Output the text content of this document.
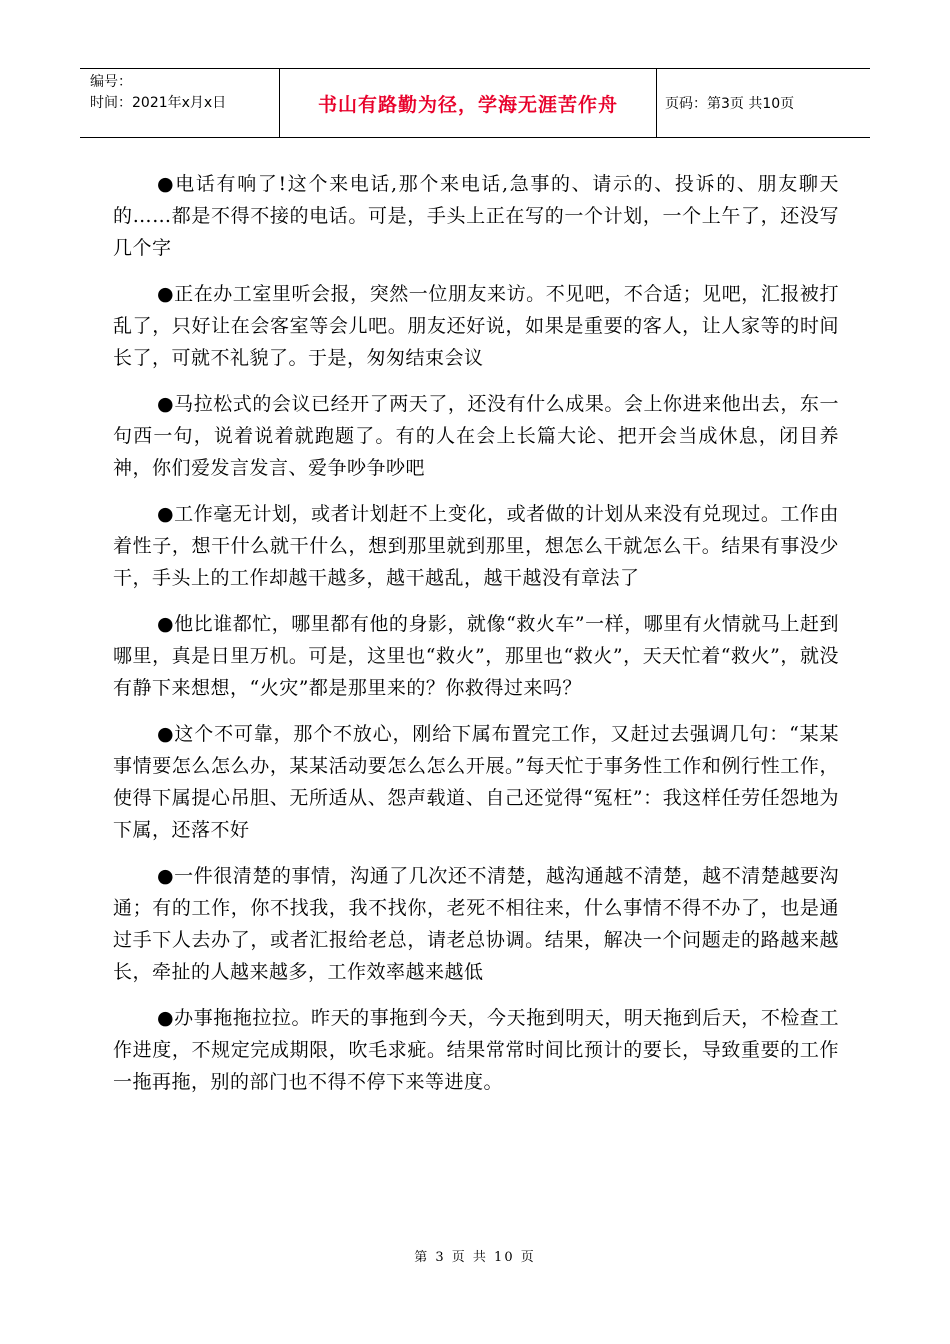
编号：
时间：2021年x月x日	书山有路勤为径，学海无涯苦作舟	页码：第3页 共10页

●电话有响了!这个来电话,那个来电话,急事的、请示的、投诉的、朋友聊天的……都是不得不接的电话。可是，手头上正在写的一个计划，一个上午了，还没写几个字

●正在办工室里听会报，突然一位朋友来访。不见吧，不合适；见吧，汇报被打乱了，只好让在会客室等会儿吧。朋友还好说，如果是重要的客人，让人家等的时间长了，可就不礼貌了。于是，匆匆结束会议

●马拉松式的会议已经开了两天了，还没有什么成果。会上你进来他出去，东一句西一句，说着说着就跑题了。有的人在会上长篇大论、把开会当成休息，闭目养神，你们爱发言发言、爱争吵争吵吧

●工作毫无计划，或者计划赶不上变化，或者做的计划从来没有兑现过。工作由着性子，想干什么就干什么，想到那里就到那里，想怎么干就怎么干。结果有事没少干，手头上的工作却越干越多，越干越乱，越干越没有章法了

●他比谁都忙，哪里都有他的身影，就像“救火车”一样，哪里有火情就马上赶到哪里，真是日里万机。可是，这里也“救火”，那里也“救火”，天天忙着“救火”，就没有静下来想想，“火灾”都是那里来的？你救得过来吗？

●这个不可靠，那个不放心，刚给下属布置完工作，又赶过去强调几句：“某某事情要怎么怎么办，某某活动要怎么怎么开展。”每天忙于事务性工作和例行性工作，使得下属提心吊胆、无所适从、怨声载道、自己还觉得“冤枉”：我这样任劳任怨地为下属，还落不好

●一件很清楚的事情，沟通了几次还不清楚，越沟通越不清楚，越不清楚越要沟通；有的工作，你不找我，我不找你，老死不相往来，什么事情不得不办了，也是通过手下人去办了，或者汇报给老总，请老总协调。结果，解决一个问题走的路越来越长，牵扯的人越来越多，工作效率越来越低

●办事拖拖拉拉。昨天的事拖到今天，今天拖到明天，明天拖到后天，不检查工作进度，不规定完成期限，吹毛求疵。结果常常时间比预计的要长，导致重要的工作一拖再拖，别的部门也不得不停下来等进度。

第 3 页 共 10 页
